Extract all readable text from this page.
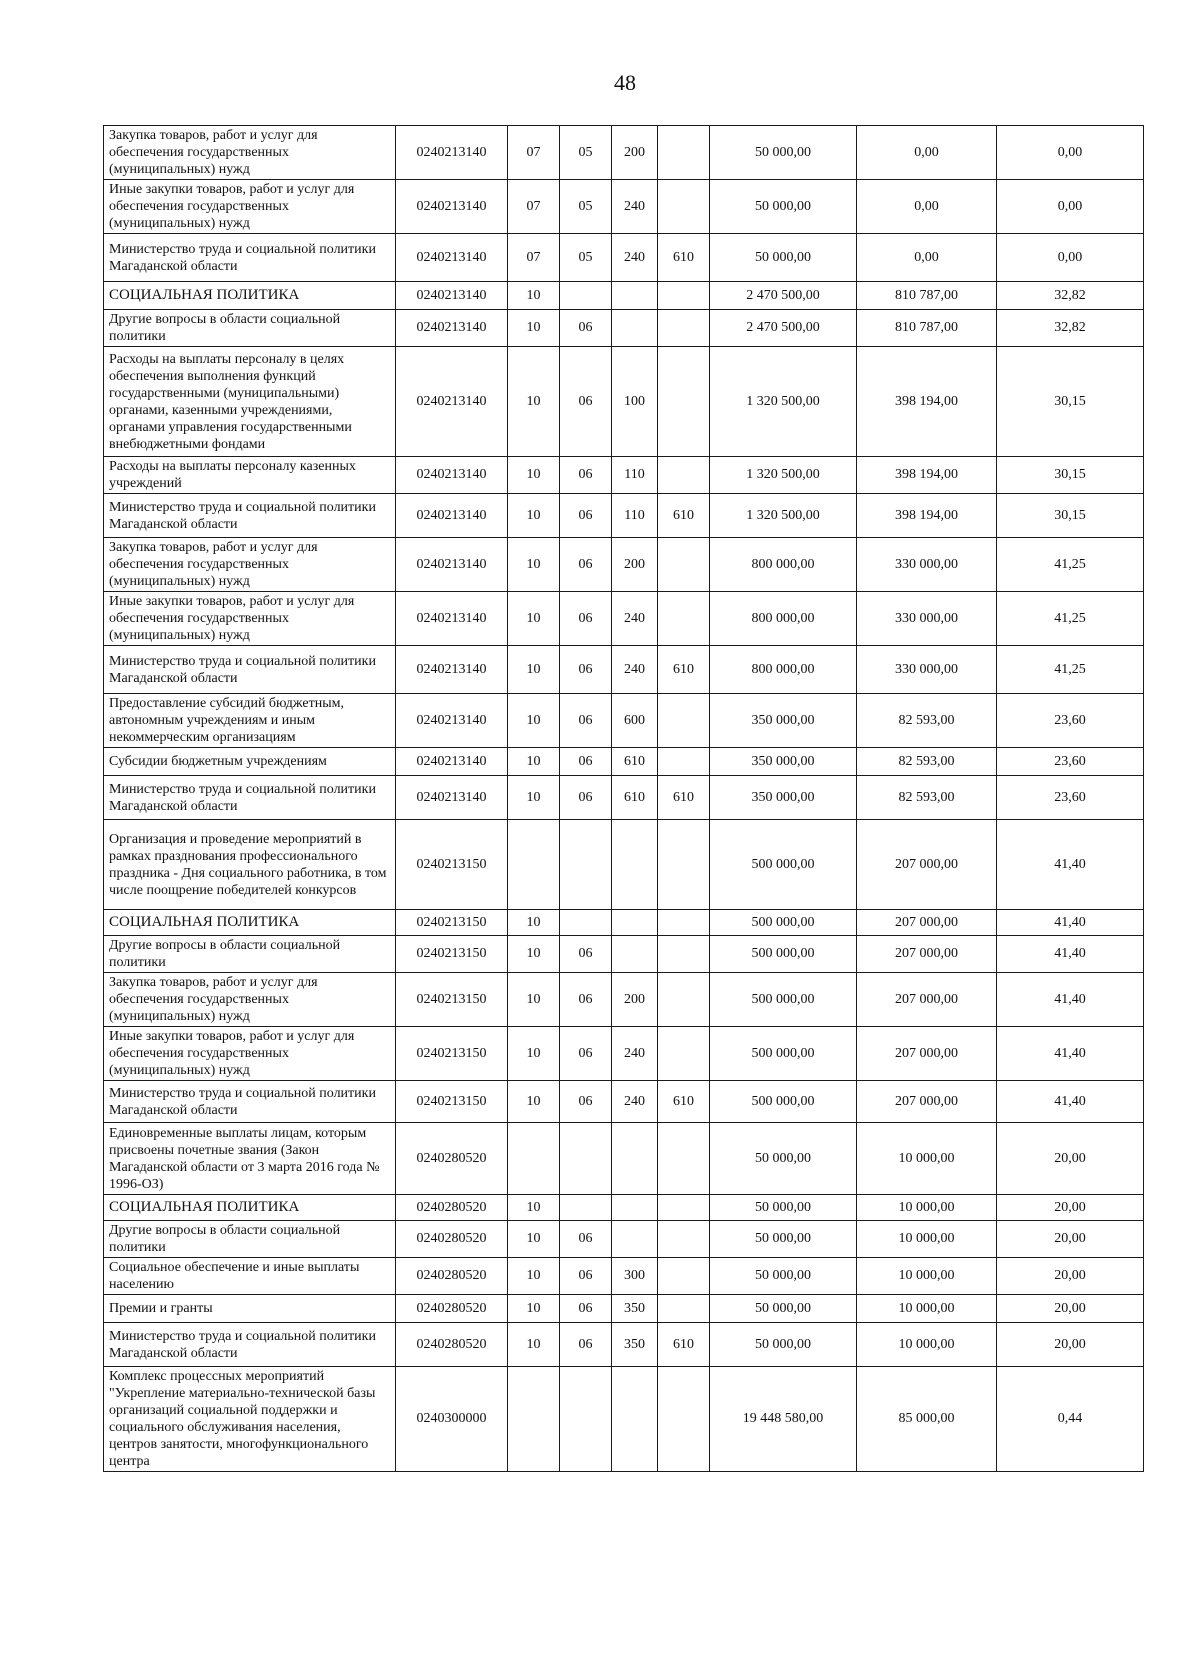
48
Закупка товаров, работ и услуг для обеспечения государственных (муниципальных) нужд	0240213140	07	05	200		50 000,00	0,00	0,00
Иные закупки товаров, работ и услуг для обеспечения государственных (муниципальных) нужд	0240213140	07	05	240		50 000,00	0,00	0,00
Министерство труда и социальной политики Магаданской области	0240213140	07	05	240	610	50 000,00	0,00	0,00
СОЦИАЛЬНАЯ ПОЛИТИКА	0240213140	10				2 470 500,00	810 787,00	32,82
Другие вопросы в области социальной политики	0240213140	10	06			2 470 500,00	810 787,00	32,82
Расходы на выплаты персоналу в целях обеспечения выполнения функций государственными (муниципальными) органами, казенными учреждениями, органами управления государственными внебюджетными фондами	0240213140	10	06	100		1 320 500,00	398 194,00	30,15
Расходы на выплаты персоналу казенных учреждений	0240213140	10	06	110		1 320 500,00	398 194,00	30,15
Министерство труда и социальной политики Магаданской области	0240213140	10	06	110	610	1 320 500,00	398 194,00	30,15
Закупка товаров, работ и услуг для обеспечения государственных (муниципальных) нужд	0240213140	10	06	200		800 000,00	330 000,00	41,25
Иные закупки товаров, работ и услуг для обеспечения государственных (муниципальных) нужд	0240213140	10	06	240		800 000,00	330 000,00	41,25
Министерство труда и социальной политики Магаданской области	0240213140	10	06	240	610	800 000,00	330 000,00	41,25
Предоставление субсидий бюджетным, автономным учреждениям и иным некоммерческим организациям	0240213140	10	06	600		350 000,00	82 593,00	23,60
Субсидии бюджетным учреждениям	0240213140	10	06	610		350 000,00	82 593,00	23,60
Министерство труда и социальной политики Магаданской области	0240213140	10	06	610	610	350 000,00	82 593,00	23,60
Организация и проведение мероприятий в рамках празднования профессионального праздника - Дня социального работника, в том числе поощрение победителей конкурсов	0240213150					500 000,00	207 000,00	41,40
СОЦИАЛЬНАЯ ПОЛИТИКА	0240213150	10				500 000,00	207 000,00	41,40
Другие вопросы в области социальной политики	0240213150	10	06			500 000,00	207 000,00	41,40
Закупка товаров, работ и услуг для обеспечения государственных (муниципальных) нужд	0240213150	10	06	200		500 000,00	207 000,00	41,40
Иные закупки товаров, работ и услуг для обеспечения государственных (муниципальных) нужд	0240213150	10	06	240		500 000,00	207 000,00	41,40
Министерство труда и социальной политики Магаданской области	0240213150	10	06	240	610	500 000,00	207 000,00	41,40
Единовременные выплаты лицам, которым присвоены почетные звания (Закон Магаданской области от 3 марта 2016 года № 1996-ОЗ)	0240280520					50 000,00	10 000,00	20,00
СОЦИАЛЬНАЯ ПОЛИТИКА	0240280520	10				50 000,00	10 000,00	20,00
Другие вопросы в области социальной политики	0240280520	10	06			50 000,00	10 000,00	20,00
Социальное обеспечение и иные выплаты населению	0240280520	10	06	300		50 000,00	10 000,00	20,00
Премии и гранты	0240280520	10	06	350		50 000,00	10 000,00	20,00
Министерство труда и социальной политики Магаданской области	0240280520	10	06	350	610	50 000,00	10 000,00	20,00
Комплекс процессных мероприятий "Укрепление материально-технической базы организаций социальной поддержки и социального обслуживания населения, центров занятости, многофункционального центра	0240300000					19 448 580,00	85 000,00	0,44
